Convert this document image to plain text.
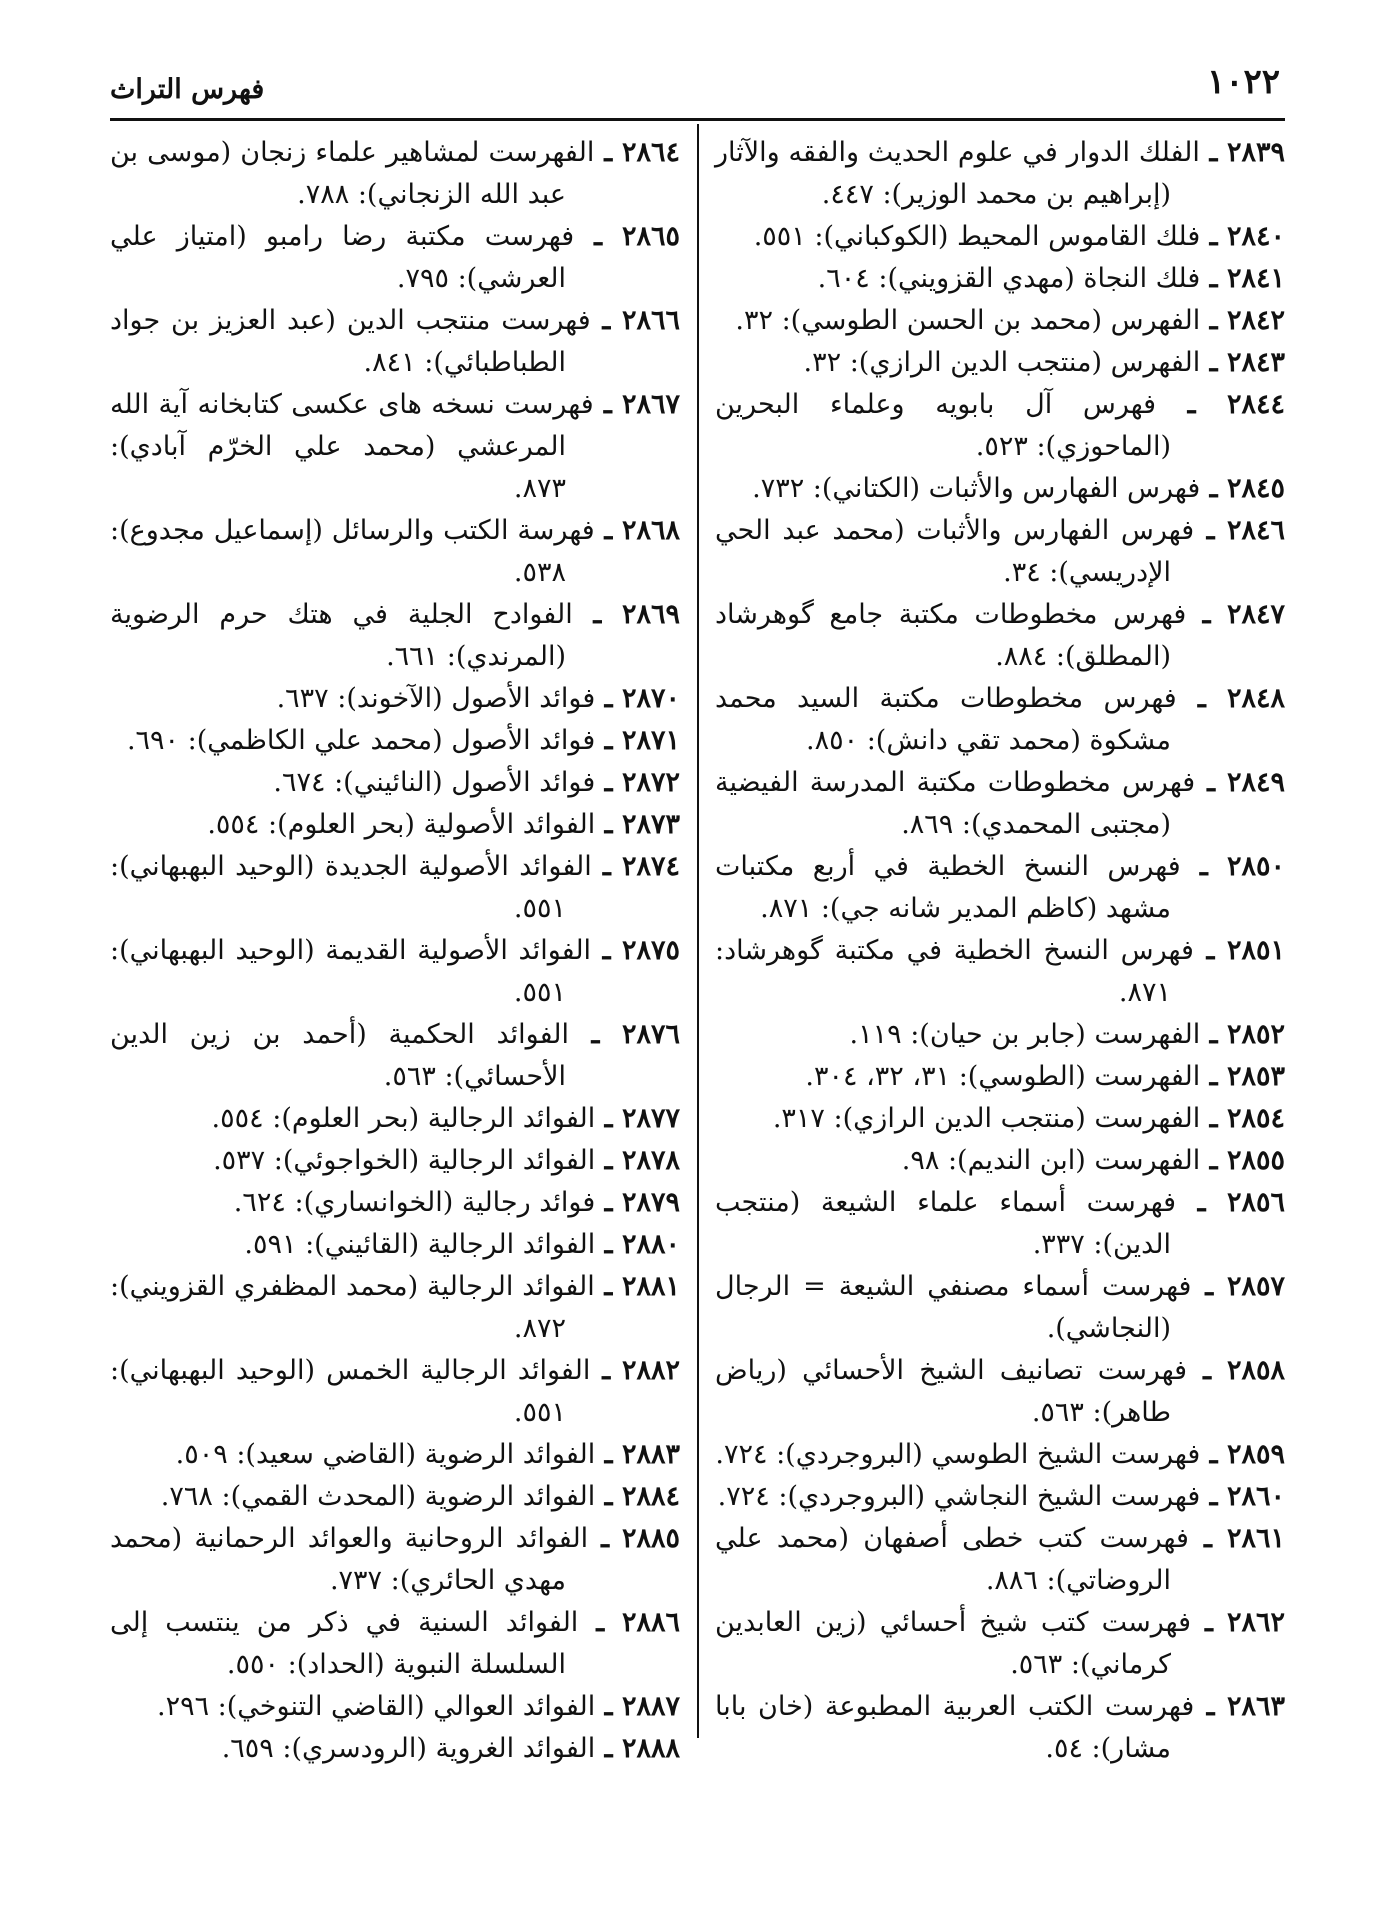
١٠٢٢
فهرس التراث

٢٨٣٩ ـ الفلك الدوار في علوم الحديث والفقه والآثار (إبراهيم بن محمد الوزير): ٤٤٧.

٢٨٤٠ ـ فلك القاموس المحيط (الكوكباني): ٥٥١.

٢٨٤١ ـ فلك النجاة (مهدي القزويني): ٦٠٤.

٢٨٤٢ ـ الفهرس (محمد بن الحسن الطوسي): ٣٢.

٢٨٤٣ ـ الفهرس (منتجب الدين الرازي): ٣٢.

٢٨٤٤ ـ فهرس آل بابويه وعلماء البحرين (الماحوزي): ٥٢٣.

٢٨٤٥ ـ فهرس الفهارس والأثبات (الكتاني): ٧٣٢.

٢٨٤٦ ـ فهرس الفهارس والأثبات (محمد عبد الحي الإدريسي): ٣٤.

٢٨٤٧ ـ فهرس مخطوطات مكتبة جامع گوهرشاد (المطلق): ٨٨٤.

٢٨٤٨ ـ فهرس مخطوطات مكتبة السيد محمد مشكوة (محمد تقي دانش): ٨٥٠.

٢٨٤٩ ـ فهرس مخطوطات مكتبة المدرسة الفيضية (مجتبى المحمدي): ٨٦٩.

٢٨٥٠ ـ فهرس النسخ الخطية في أربع مكتبات مشهد (كاظم المدير شانه جي): ٨٧١.

٢٨٥١ ـ فهرس النسخ الخطية في مكتبة گوهرشاد: ٨٧١.

٢٨٥٢ ـ الفهرست (جابر بن حيان): ١١٩.

٢٨٥٣ ـ الفهرست (الطوسي): ٣١، ٣٢، ٣٠٤.

٢٨٥٤ ـ الفهرست (منتجب الدين الرازي): ٣١٧.

٢٨٥٥ ـ الفهرست (ابن النديم): ٩٨.

٢٨٥٦ ـ فهرست أسماء علماء الشيعة (منتجب الدين): ٣٣٧.

٢٨٥٧ ـ فهرست أسماء مصنفي الشيعة = الرجال (النجاشي).

٢٨٥٨ ـ فهرست تصانيف الشيخ الأحسائي (رياض طاهر): ٥٦٣.

٢٨٥٩ ـ فهرست الشيخ الطوسي (البروجردي): ٧٢٤.

٢٨٦٠ ـ فهرست الشيخ النجاشي (البروجردي): ٧٢٤.

٢٨٦١ ـ فهرست كتب خطى أصفهان (محمد علي الروضاتي): ٨٨٦.

٢٨٦٢ ـ فهرست كتب شيخ أحسائي (زين العابدين كرماني): ٥٦٣.

٢٨٦٣ ـ فهرست الكتب العربية المطبوعة (خان بابا مشار): ٥٤.

٢٨٦٤ ـ الفهرست لمشاهير علماء زنجان (موسى بن عبد الله الزنجاني): ٧٨٨.

٢٨٦٥ ـ فهرست مكتبة رضا رامبو (امتياز علي العرشي): ٧٩٥.

٢٨٦٦ ـ فهرست منتجب الدين (عبد العزيز بن جواد الطباطبائي): ٨٤١.

٢٨٦٧ ـ فهرست نسخه هاى عكسى كتابخانه آية الله المرعشي (محمد علي الخرّم آبادي): ٨٧٣.

٢٨٦٨ ـ فهرسة الكتب والرسائل (إسماعيل مجدوع): ٥٣٨.

٢٨٦٩ ـ الفوادح الجلية في هتك حرم الرضوية (المرندي): ٦٦١.

٢٨٧٠ ـ فوائد الأصول (الآخوند): ٦٣٧.

٢٨٧١ ـ فوائد الأصول (محمد علي الكاظمي): ٦٩٠.

٢٨٧٢ ـ فوائد الأصول (النائيني): ٦٧٤.

٢٨٧٣ ـ الفوائد الأصولية (بحر العلوم): ٥٥٤.

٢٨٧٤ ـ الفوائد الأصولية الجديدة (الوحيد البهبهاني): ٥٥١.

٢٨٧٥ ـ الفوائد الأصولية القديمة (الوحيد البهبهاني): ٥٥١.

٢٨٧٦ ـ الفوائد الحكمية (أحمد بن زين الدين الأحسائي): ٥٦٣.

٢٨٧٧ ـ الفوائد الرجالية (بحر العلوم): ٥٥٤.

٢٨٧٨ ـ الفوائد الرجالية (الخواجوئي): ٥٣٧.

٢٨٧٩ ـ فوائد رجالية (الخوانساري): ٦٢٤.

٢٨٨٠ ـ الفوائد الرجالية (القائيني): ٥٩١.

٢٨٨١ ـ الفوائد الرجالية (محمد المظفري القزويني): ٨٧٢.

٢٨٨٢ ـ الفوائد الرجالية الخمس (الوحيد البهبهاني): ٥٥١.

٢٨٨٣ ـ الفوائد الرضوية (القاضي سعيد): ٥٠٩.

٢٨٨٤ ـ الفوائد الرضوية (المحدث القمي): ٧٦٨.

٢٨٨٥ ـ الفوائد الروحانية والعوائد الرحمانية (محمد مهدي الحائري): ٧٣٧.

٢٨٨٦ ـ الفوائد السنية في ذكر من ينتسب إلى السلسلة النبوية (الحداد): ٥٥٠.

٢٨٨٧ ـ الفوائد العوالي (القاضي التنوخي): ٢٩٦.

٢٨٨٨ ـ الفوائد الغروية (الرودسري): ٦٥٩.
